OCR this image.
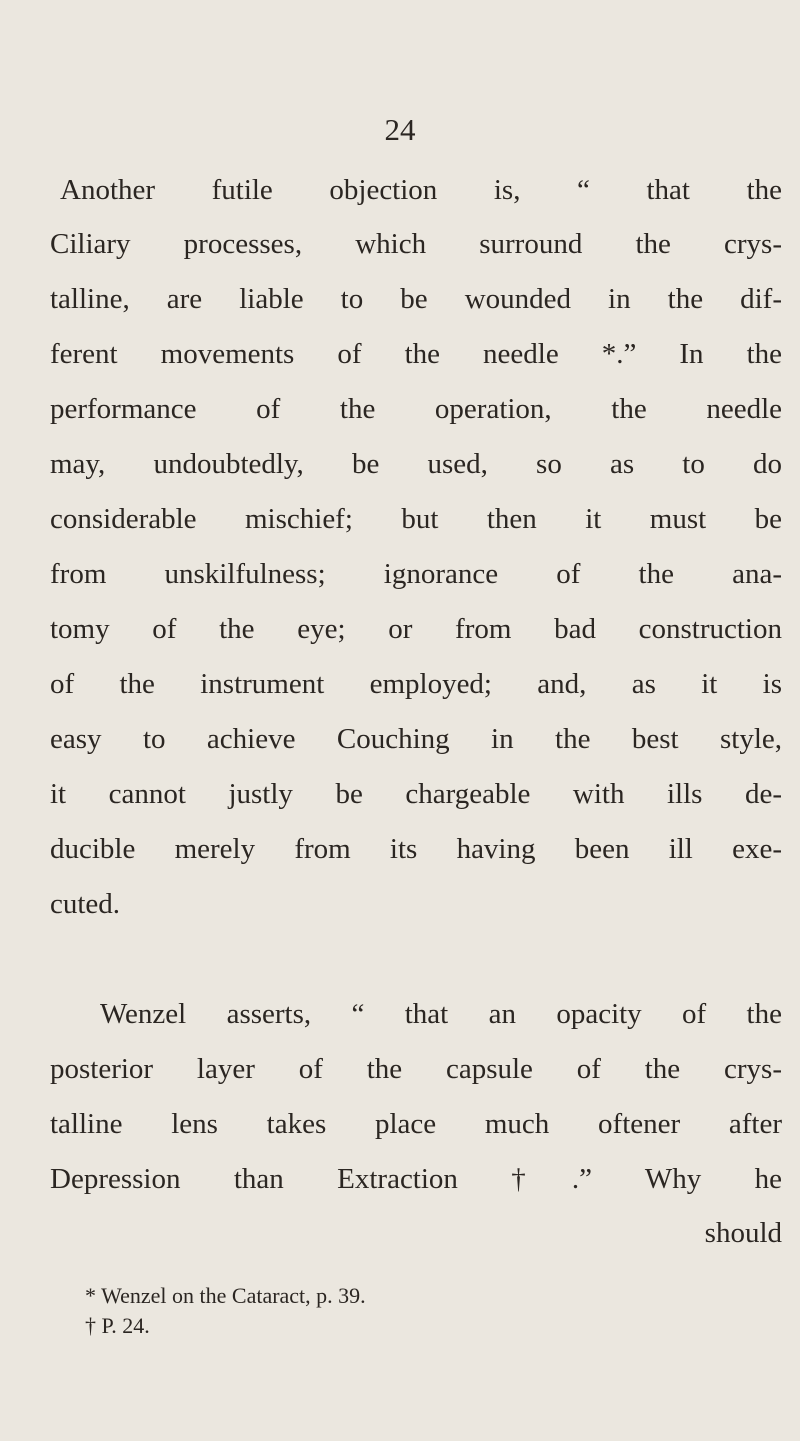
24
Another futile objection is, “ that the
Ciliary processes, which surround the crys-
talline, are liable to be wounded in the dif-
ferent movements of the needle *.” In the
performance of the operation, the needle
may, undoubtedly, be used, so as to do
considerable mischief; but then it must be
from unskilfulness; ignorance of the ana-
tomy of the eye; or from bad construction
of the instrument employed; and, as it is
easy to achieve Couching in the best style,
it cannot justly be chargeable with ills de-
ducible merely from its having been ill exe-
cuted.
Wenzel asserts, “ that an opacity of the
posterior layer of the capsule of the crys-
talline lens takes place much oftener after
Depression than Extraction †.” Why he
should
* Wenzel on the Cataract, p. 39.
† P. 24.
